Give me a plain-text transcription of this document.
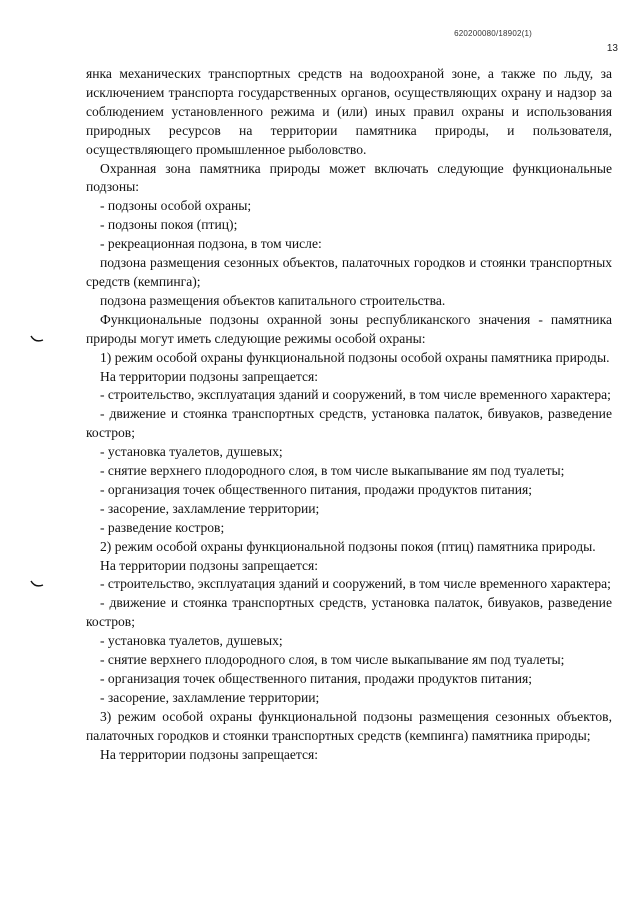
620200080/18902(1)
13

янка механических транспортных средств на водоохраной зоне, а также по льду, за исключением транспорта государственных органов, осуществляющих охрану и надзор за соблюдением установленного режима и (или) иных правил охраны и использования природных ресурсов на территории памятника природы, и пользователя, осуществляющего промышленное рыболовство.

Охранная зона памятника природы может включать следующие функциональные подзоны:

- подзоны особой охраны;

- подзоны покоя (птиц);

- рекреационная подзона, в том числе:

подзона размещения сезонных объектов, палаточных городков и стоянки транспортных средств (кемпинга);

подзона размещения объектов капитального строительства.

Функциональные подзоны охранной зоны республиканского значения - памятника природы могут иметь следующие режимы особой охраны:

1) режим особой охраны функциональной подзоны особой охраны памятника природы.

На территории подзоны запрещается:

- строительство, эксплуатация зданий и сооружений, в том числе временного характера;

- движение и стоянка транспортных средств, установка палаток, бивуаков, разведение костров;

- установка туалетов, душевых;

- снятие верхнего плодородного слоя, в том числе выкапывание ям под туалеты;

- организация точек общественного питания, продажи продуктов питания;

- засорение, захламление территории;

- разведение костров;

2) режим особой охраны функциональной подзоны покоя (птиц) памятника природы.

На территории подзоны запрещается:

- строительство, эксплуатация зданий и сооружений, в том числе временного характера;

- движение и стоянка транспортных средств, установка палаток, бивуаков, разведение костров;

- установка туалетов, душевых;

- снятие верхнего плодородного слоя, в том числе выкапывание ям под туалеты;

- организация точек общественного питания, продажи продуктов питания;

- засорение, захламление территории;

3) режим особой охраны функциональной подзоны размещения сезонных объектов, палаточных городков и стоянки транспортных средств (кемпинга) памятника природы;

На территории подзоны запрещается:
